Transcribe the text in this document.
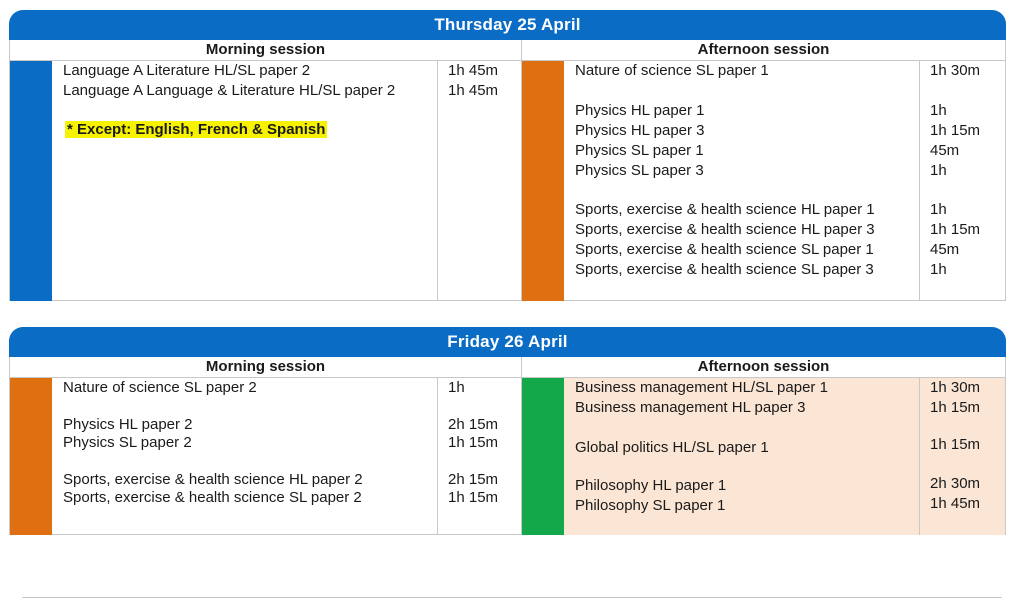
Thursday 25 April
Morning session
Language A Literature HL/SL paper 2
Language A Language & Literature HL/SL paper 2
1h 45m
1h 45m
* Except: English, French & Spanish
Afternoon session
Nature of science SL paper 1
Physics HL paper 1
Physics HL paper 3
Physics SL paper 1
Physics SL paper 3
Sports, exercise & health science HL paper 1
Sports, exercise & health science HL paper 3
Sports, exercise & health science SL paper 1
Sports, exercise & health science SL paper 3
1h 30m
1h
1h 15m
45m
1h
1h
1h 15m
45m
1h
Friday 26 April
Morning session
Nature of science SL paper 2
Physics HL paper 2
Physics SL paper 2
Sports, exercise & health science HL paper 2
Sports, exercise & health science SL paper 2
1h
2h 15m
1h 15m
2h 15m
1h 15m
Afternoon session
Business management HL/SL paper 1
Business management HL paper 3
Global politics HL/SL paper 1
Philosophy HL paper 1
Philosophy SL paper 1
1h 30m
1h 15m
1h 15m
2h 30m
1h 45m
